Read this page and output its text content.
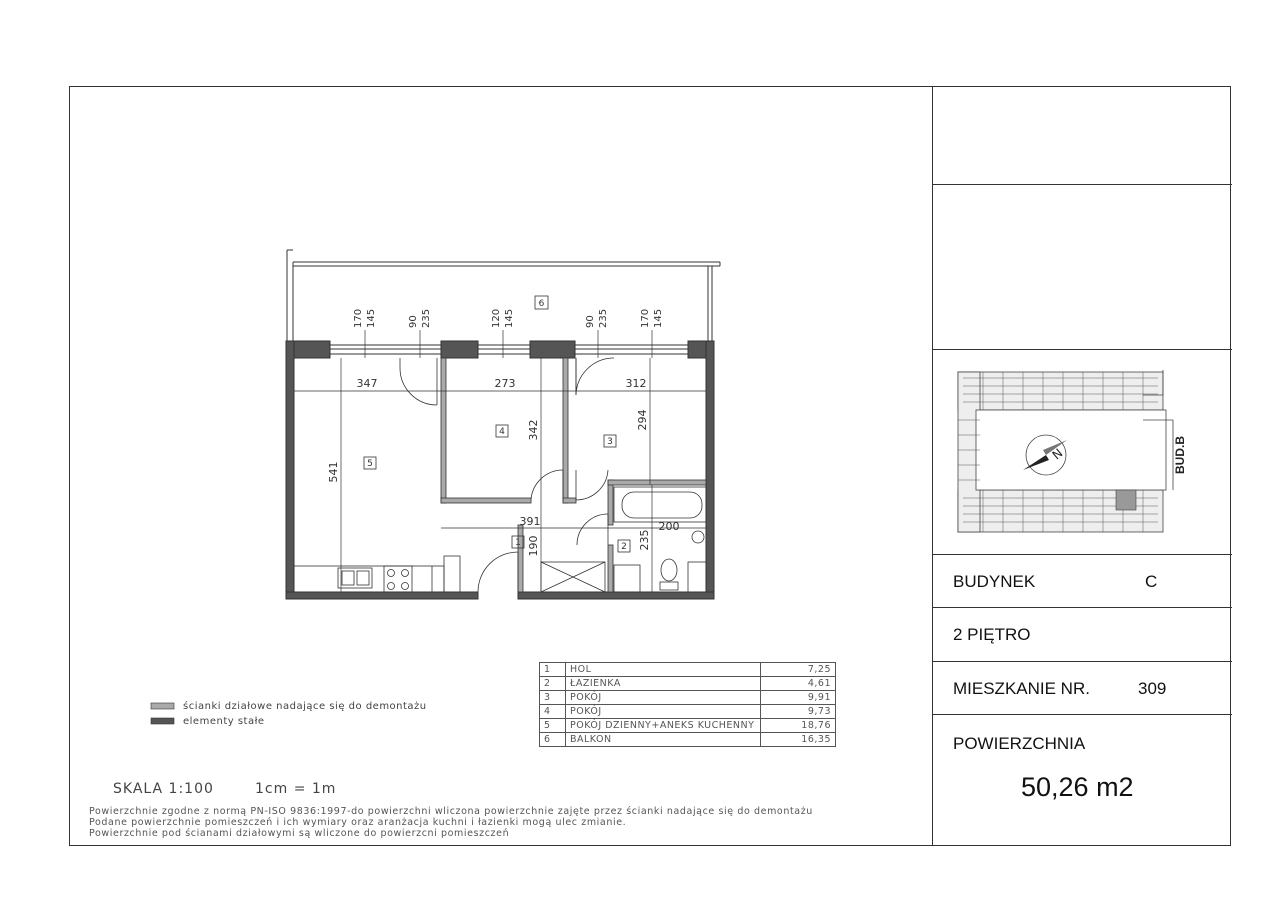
6
5
4
3
1	2
347	273	312
541
342	294
391	200
190	235
170 145	90 235	120 145	90 235	170 145
ścianki działowe nadające się do demontażu
elementy stałe
1	HOL	7,25
2	ŁAZIENKA	4,61
3	POKÓJ	9,91
4	POKÓJ	9,73
5	POKÓJ DZIENNY+ANEKS KUCHENNY	18,76
6	BALKON	16,35
SKALA 1:100	1cm = 1m
Powierzchnie zgodne z normą PN-ISO 9836:1997-do powierzchni wliczona powierzchnie zajęte przez ścianki nadające się do demontażu
Podane powierzchnie pomieszczeń i ich wymiary oraz aranżacja kuchni i łazienki mogą ulec zmianie.
Powierzchnie pod ścianami działowymi są wliczone do powierzcni pomieszczeń
N	BUD.B
BUDYNEK	C
2 PIĘTRO
MIESZKANIE NR.	309
POWIERZCHNIA
50,26 m2
